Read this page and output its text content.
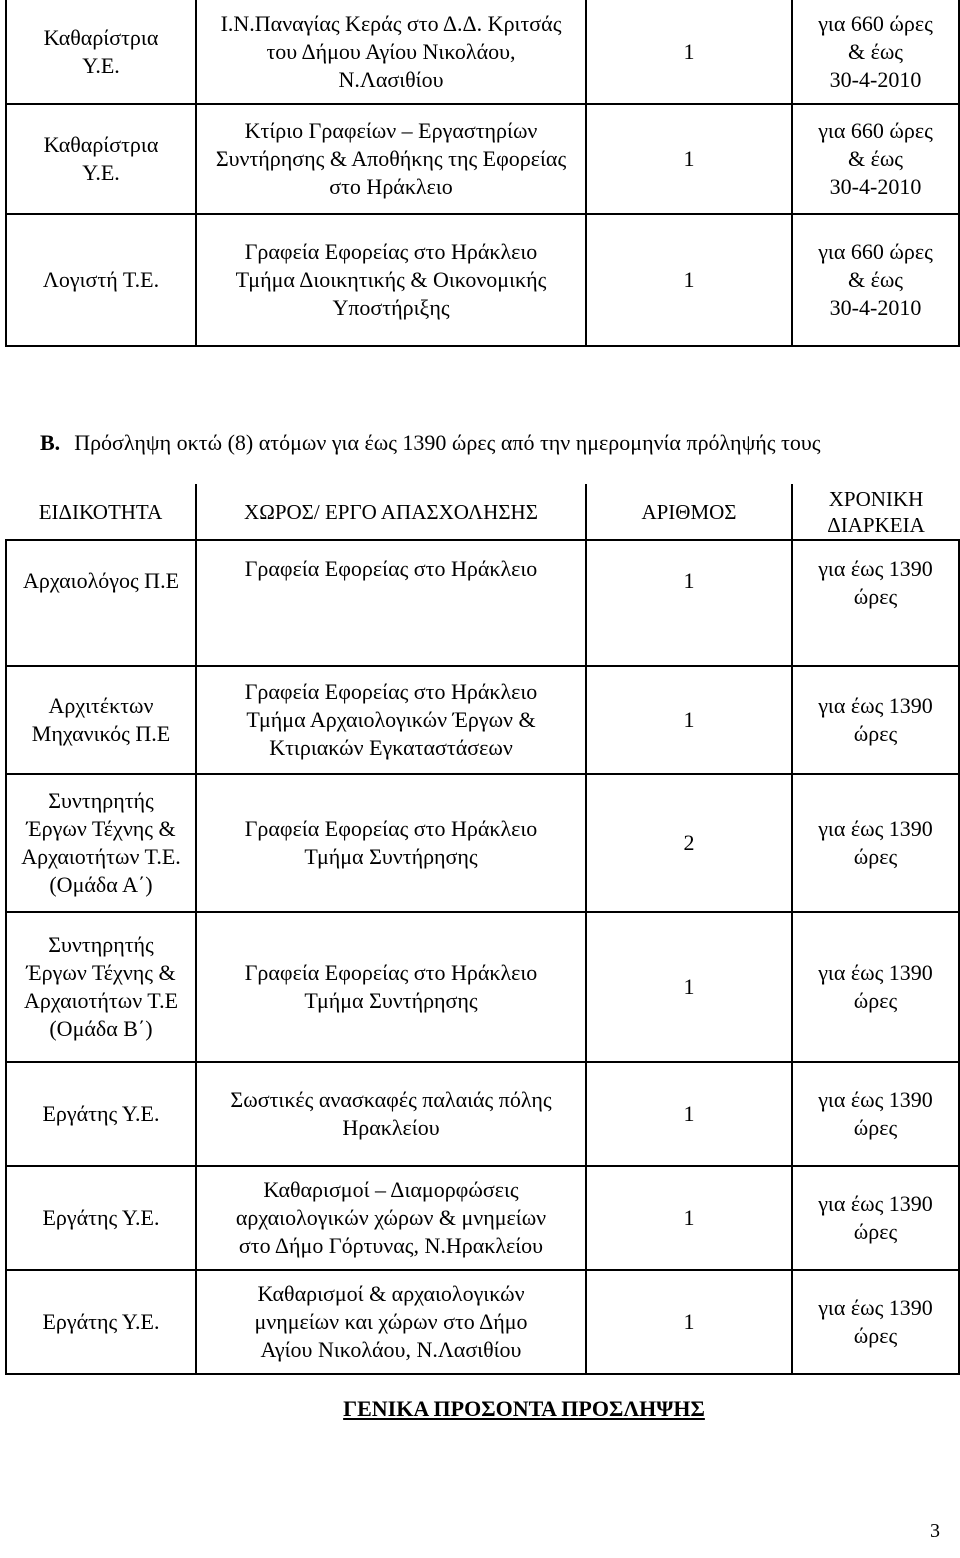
Καθαρίστρια
Υ.Ε.	Ι.Ν.Παναγίας Κεράς στο Δ.Δ. Κριτσάς
του Δήμου Αγίου Νικολάου,
Ν.Λασιθίου	1	για 660 ώρες
& έως
30-4-2010

Καθαρίστρια
Υ.Ε.	Κτίριο Γραφείων – Εργαστηρίων
Συντήρησης & Αποθήκης της Εφορείας
στο Ηράκλειο	1	για 660 ώρες
& έως
30-4-2010

Λογιστή Τ.Ε.	Γραφεία Εφορείας στο Ηράκλειο
Τμήμα Διοικητικής & Οικονομικής
Υποστήριξης	1	για 660 ώρες
& έως
30-4-2010
Β. Πρόσληψη οκτώ (8) ατόμων για έως 1390 ώρες από την ημερομηνία πρόληψής τους
ΕΙΔΙΚΟΤΗΤΑ	ΧΩΡΟΣ/ ΕΡΓΟ ΑΠΑΣΧΟΛΗΣΗΣ	ΑΡΙΘΜΟΣ	ΧΡΟΝΙΚΗ
ΔΙΑΡΚΕΙΑ

Αρχαιολόγος Π.Ε	Γραφεία Εφορείας στο Ηράκλειο	1	για έως 1390
ώρες

Αρχιτέκτων
Μηχανικός Π.Ε	Γραφεία Εφορείας στο Ηράκλειο
Τμήμα Αρχαιολογικών Έργων &
Κτιριακών Εγκαταστάσεων	1	για έως 1390
ώρες

Συντηρητής
Έργων Τέχνης &
Αρχαιοτήτων Τ.Ε.
(Ομάδα Α΄)	Γραφεία Εφορείας στο Ηράκλειο
Τμήμα Συντήρησης	2	για έως 1390
ώρες

Συντηρητής
Έργων Τέχνης &
Αρχαιοτήτων Τ.Ε
(Ομάδα Β΄)	Γραφεία Εφορείας στο Ηράκλειο
Τμήμα Συντήρησης	1	για έως 1390
ώρες

Εργάτης Υ.Ε.	Σωστικές ανασκαφές παλαιάς πόλης
Ηρακλείου	1	για έως 1390
ώρες

Εργάτης Υ.Ε.	Καθαρισμοί – Διαμορφώσεις
αρχαιολογικών χώρων & μνημείων
στο Δήμο Γόρτυνας, Ν.Ηρακλείου	1	για έως 1390
ώρες

Εργάτης Υ.Ε.	Καθαρισμοί & αρχαιολογικών
μνημείων και χώρων στο Δήμο
Αγίου Νικολάου, Ν.Λασιθίου	1	για έως 1390
ώρες
ΓΕΝΙΚΑ ΠΡΟΣΟΝΤΑ ΠΡΟΣΛΗΨΗΣ
3
